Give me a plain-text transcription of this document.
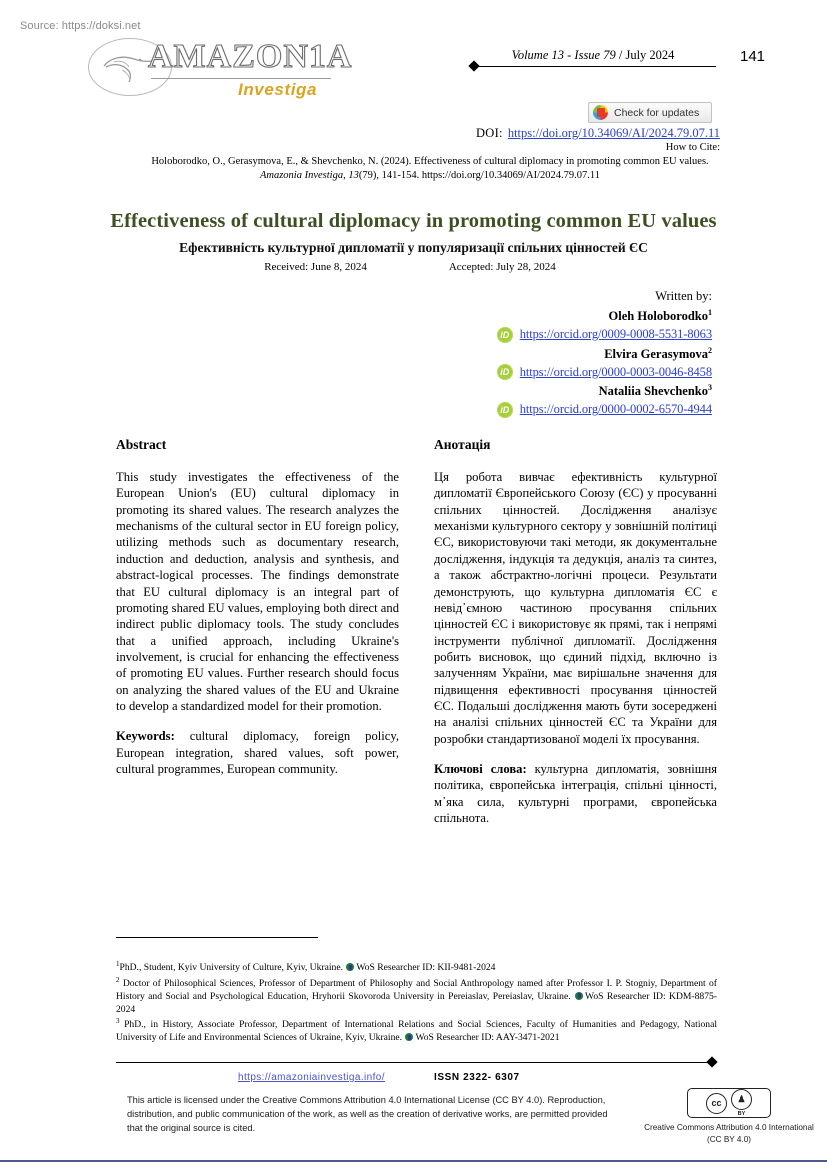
Source: https://doksi.net
AMAZON1A
Investiga
Volume 13 - Issue 79 / July 2024	141
Check for updates
DOI: https://doi.org/10.34069/AI/2024.79.07.11
How to Cite:
Holoborodko, O., Gerasymova, E., & Shevchenko, N. (2024). Effectiveness of cultural diplomacy in promoting common EU values. Amazonia Investiga, 13(79), 141-154. https://doi.org/10.34069/AI/2024.79.07.11
Effectiveness of cultural diplomacy in promoting common EU values
Ефективність культурної дипломатії у популяризації спільних цінностей ЄС
Received: June 8, 2024	Accepted: July 28, 2024
Written by:
Oleh Holoborodko$^1$
iD https://orcid.org/0009-0008-5531-8063
Elvira Gerasymova$^2$
iD https://orcid.org/0000-0003-0046-8458
Nataliia Shevchenko$^3$
iD https://orcid.org/0000-0002-6570-4944
Abstract

This study investigates the effectiveness of the European Union's (EU) cultural diplomacy in promoting its shared values. The research analyzes the mechanisms of the cultural sector in EU foreign policy, utilizing methods such as documentary research, induction and deduction, analysis and synthesis, and abstract-logical processes. The findings demonstrate that EU cultural diplomacy is an integral part of promoting shared EU values, employing both direct and indirect public diplomacy tools. The study concludes that a unified approach, including Ukraine's involvement, is crucial for enhancing the effectiveness of promoting EU values. Further research should focus on analyzing the shared values of the EU and Ukraine to develop a standardized model for their promotion.

Keywords: cultural diplomacy, foreign policy, European integration, shared values, soft power, cultural programmes, European community.

Анотація

Ця робота вивчає ефективність культурної дипломатії Європейського Союзу (ЄС) у просуванні спільних цінностей. Дослідження аналізує механізми культурного сектору у зовнішній політиці ЄС, використовуючи такі методи, як документальне дослідження, індукція та дедукція, аналіз та синтез, а також абстрактно-логічні процеси. Результати демонструють, що культурна дипломатія ЄС є невід᾽ємною частиною просування спільних цінностей ЄС і використовує як прямі, так і непрямі інструменти публічної дипломатії. Дослідження робить висновок, що єдиний підхід, включно із залученням України, має вирішальне значення для підвищення ефективності просування цінностей ЄС. Подальші дослідження мають бути зосереджені на аналізі спільних цінностей ЄС та України для розробки стандартизованої моделі їх просування.

Ключові слова: культурна дипломатія, зовнішня політика, європейська інтеграція, спільні цінності, м᾽яка сила, культурні програми, європейська спільнота.

$^1$PhD., Student, Kyiv University of Culture, Kyiv, Ukraine. WoS Researcher ID: KII-9481-2024

$^2$ Doctor of Philosophical Sciences, Professor of Department of Philosophy and Social Anthropology named after Professor I. P. Stogniy, Department of History and Social and Psychological Education, Hryhorii Skovoroda University in Pereiaslav, Pereiaslav, Ukraine. WoS Researcher ID: KDM-8875-2024

$^3$ PhD., in History, Associate Professor, Department of International Relations and Social Sciences, Faculty of Humanities and Pedagogy, National University of Life and Environmental Sciences of Ukraine, Kyiv, Ukraine. WoS Researcher ID: AAY-3471-2021

https://amazoniainvestiga.info/	ISSN 2322- 6307
This article is licensed under the Creative Commons Attribution 4.0 International License (CC BY 4.0). Reproduction, distribution, and public communication of the work, as well as the creation of derivative works, are permitted provided that the original source is cited.
cc	♟
BY
Creative Commons Attribution 4.0 International (CC BY 4.0)
